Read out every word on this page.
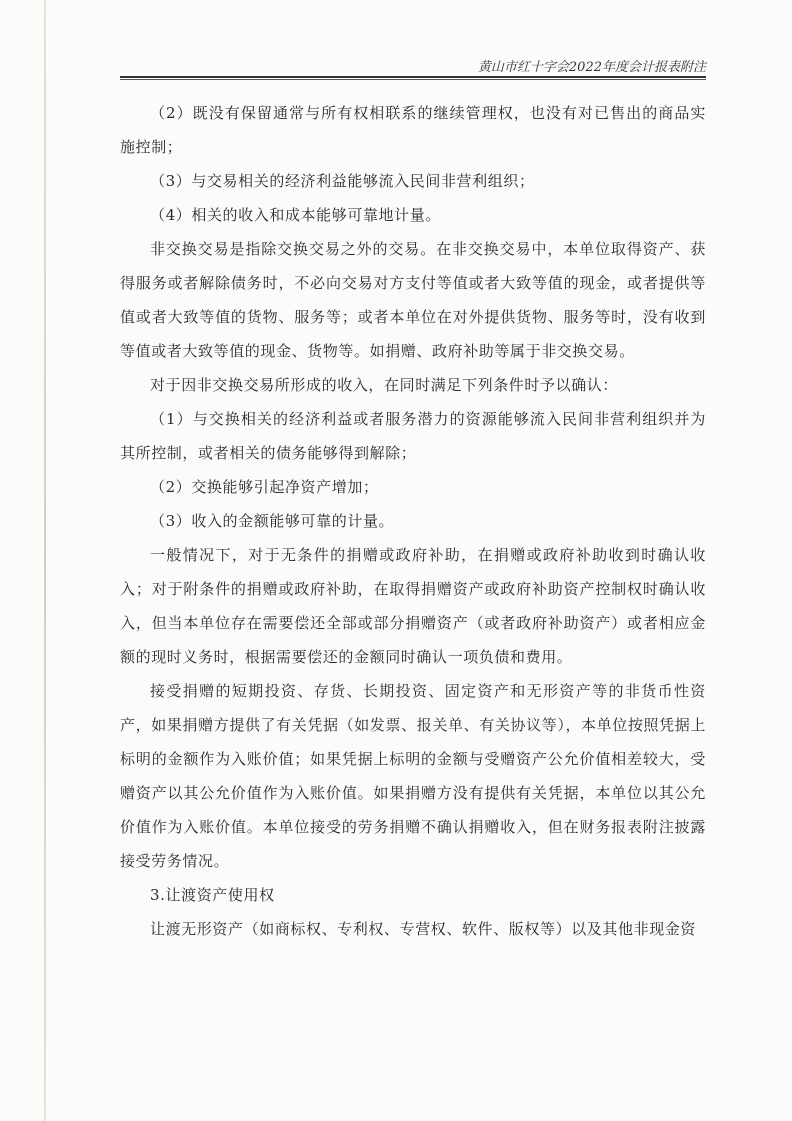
黄山市红十字会2022年度会计报表附注

（2）既没有保留通常与所有权相联系的继续管理权，也没有对已售出的商品实施控制；

（3）与交易相关的经济利益能够流入民间非营利组织；

（4）相关的收入和成本能够可靠地计量。

非交换交易是指除交换交易之外的交易。在非交换交易中，本单位取得资产、获得服务或者解除债务时，不必向交易对方支付等值或者大致等值的现金，或者提供等值或者大致等值的货物、服务等；或者本单位在对外提供货物、服务等时，没有收到等值或者大致等值的现金、货物等。如捐赠、政府补助等属于非交换交易。

对于因非交换交易所形成的收入，在同时满足下列条件时予以确认：

（1）与交换相关的经济利益或者服务潜力的资源能够流入民间非营利组织并为其所控制，或者相关的债务能够得到解除；

（2）交换能够引起净资产增加；

（3）收入的金额能够可靠的计量。

一般情况下，对于无条件的捐赠或政府补助，在捐赠或政府补助收到时确认收入；对于附条件的捐赠或政府补助，在取得捐赠资产或政府补助资产控制权时确认收入，但当本单位存在需要偿还全部或部分捐赠资产（或者政府补助资产）或者相应金额的现时义务时，根据需要偿还的金额同时确认一项负债和费用。

接受捐赠的短期投资、存货、长期投资、固定资产和无形资产等的非货币性资产，如果捐赠方提供了有关凭据（如发票、报关单、有关协议等），本单位按照凭据上标明的金额作为入账价值；如果凭据上标明的金额与受赠资产公允价值相差较大，受赠资产以其公允价值作为入账价值。如果捐赠方没有提供有关凭据，本单位以其公允价值作为入账价值。本单位接受的劳务捐赠不确认捐赠收入，但在财务报表附注披露接受劳务情况。

3.让渡资产使用权

让渡无形资产（如商标权、专利权、专营权、软件、版权等）以及其他非现金资
